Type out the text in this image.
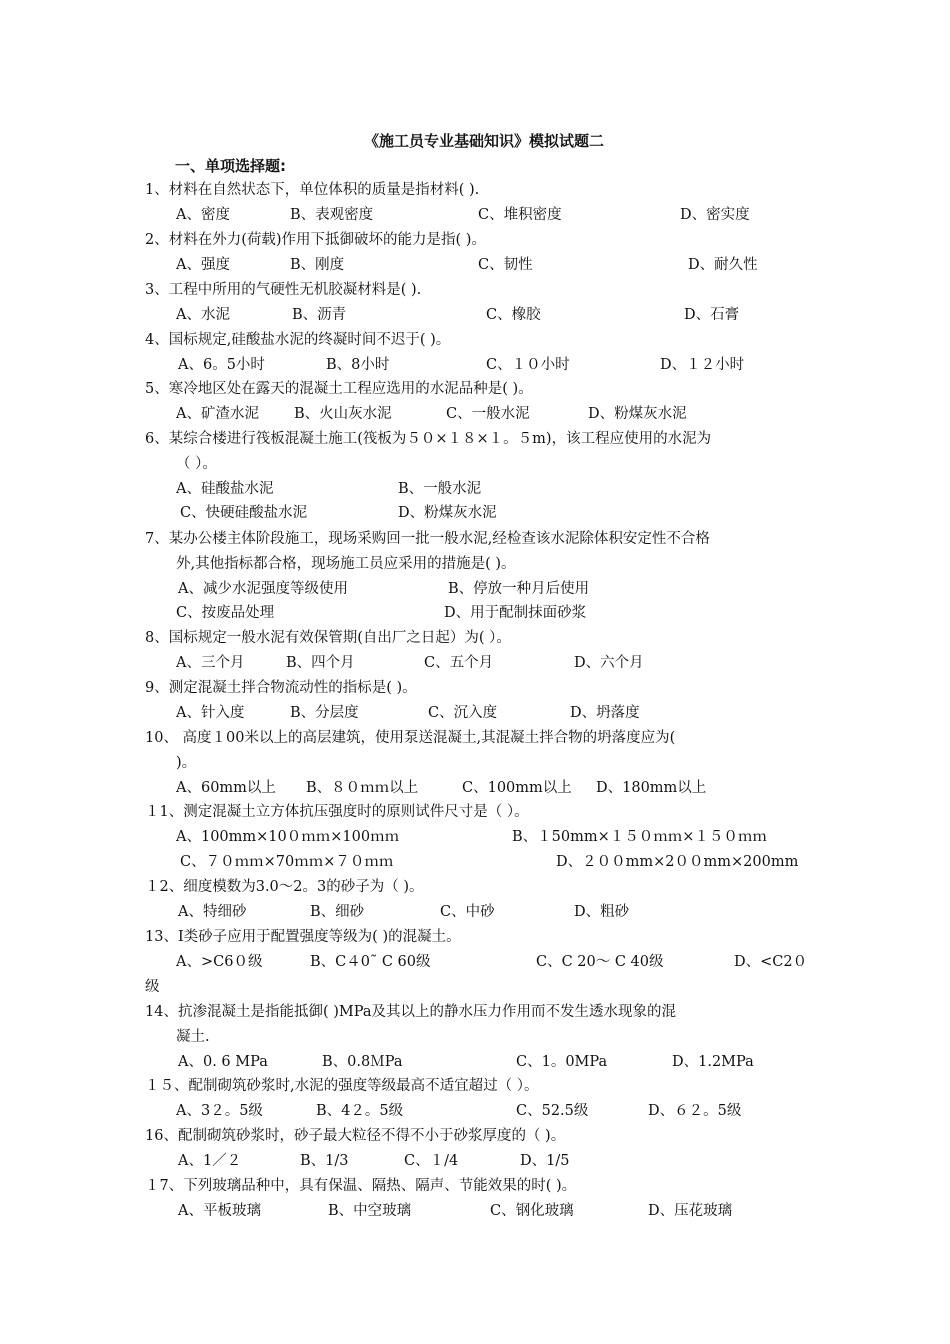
《施工员专业基础知识》模拟试题二
一、单项选择题:
1、材料在自然状态下，单位体积的质量是指材料( ).
A、密度	B、表观密度	C、堆积密度	D、密实度
2、材料在外力(荷载)作用下抵御破坏的能力是指( )。
A、强度	B、刚度	C、韧性	D、耐久性
3、工程中所用的气硬性无机胶凝材料是( ).
A、水泥	B、沥青	C、橡胶	D、石膏
4、国标规定,硅酸盐水泥的终凝时间不迟于( )。
A、6。5小时	B、8小时	C、１０小时	D、１２小时
5、寒冷地区处在露天的混凝土工程应选用的水泥品种是( )。
A、矿渣水泥 B、火山灰水泥	C、一般水泥	D、粉煤灰水泥
6、某综合楼进行筏板混凝土施工(筏板为５０×１８×１。５m)，该工程应使用的水泥为
（ ）。
A、硅酸盐水泥	B、一般水泥
C、快硬硅酸盐水泥	D、粉煤灰水泥
7、某办公楼主体阶段施工，现场采购回一批一般水泥,经检查该水泥除体积安定性不合格
外,其他指标都合格，现场施工员应采用的措施是( )。
A、减少水泥强度等级使用	B、停放一种月后使用
C、按废品处理	D、用于配制抹面砂浆
8、国标规定一般水泥有效保管期(自出厂之日起）为( ）。
A、三个月	B、四个月	C、五个月	D、六个月
9、测定混凝土拌合物流动性的指标是( )。
A、针入度	B、分层度	C、沉入度	D、坍落度
10、 高度１00米以上的高层建筑，使用泵送混凝土,其混凝土拌合物的坍落度应为(
)。
A、60mm以上 B、８０ｍｍ以上	C、100mm以上 D、180mm以上
１1、测定混凝土立方体抗压强度时的原则试件尺寸是（ ）。
A、100mm×10０ｍｍ×100ｍｍ	B、１50mm×１５０ｍｍ×１５０ｍｍ
C、７０ｍｍ×70ｍｍ×７０ｍｍ	D、２００mm×2００mm×200mm
１2、细度模数为3.0～2。3的砂子为（ )。
A、特细砂	B、细砂	C、中砂	D、粗砂
13、Ⅰ类砂子应用于配置强度等级为( )的混凝土。
A、>C6０级	B、C４0˜ C 60级	C、C 20～ C 40级	D、<C2０
级
14、抗渗混凝土是指能抵御( )MPa及其以上的静水压力作用而不发生透水现象的混
凝土.
A、0. 6 MPa	B、0.8ＭPa	C、1。0MPa	D、1.2MPa
１５、配制砌筑砂浆时,水泥的强度等级最高不适宜超过（ ）。
A、3２。5级	B、4２。5级	C、52.5级	D、６２。5级
16、配制砌筑砂浆时，砂子最大粒径不得不小于砂浆厚度的（ )。
A、1／２	B、1/3	C、１/4	D、1/5
１7、下列玻璃品种中，具有保温、隔热、隔声、节能效果的时( )。
A、平板玻璃	B、中空玻璃	C、钢化玻璃	D、压花玻璃
